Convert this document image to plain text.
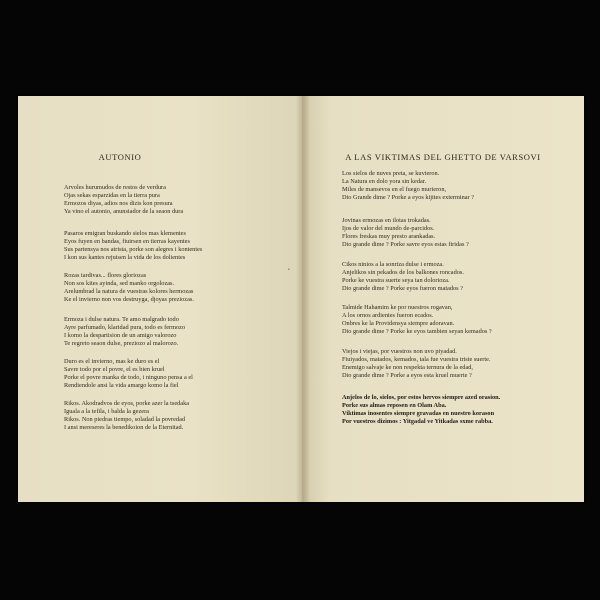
AUTONIO
Arvoles hurumudos de restos de verdura
Ojas sekas esparzidas en la tierra pura
Ermozos diyas, adios nos dizis kon presura
Ya vino el autonio, anunsiador de la seaon dura
Pasaros emigran buskando sielos mas klementes
Eyos fuyen en bandas, fiuirsen en tierras kayentes
Sus partensya nos atrista, porke son alegres i kontentes
I kon sus kantes rejuisen la vida de los dolientes
Rozas tardivas... flores gloriozas
Non sos kites ayinda, sed manko orgolozas.
Arelumbrad la natura de vuestras kolores hermozas
Ke el invierno non vos destruyga, djoyas preziozas.
Ermoza i dulse natura. Te amo malgrado todo
Ayre parfumado, klaridad pura, todo es fermozo
I komo la despartision de un amigo valorozo
Te regreto seaon dulse, preziozo al malorozo.
Duro es el invierno, mas ke duro es el
Savre todo por el povre, el es bien kruel
Porke el povre manka de todo, i ninguno pensa a el
Rendiendole ansi la vida amargo komo la fiel
Rikos. Akodradvos de eyos, porke azer la tsedaka
Iguala a la tefila, i balda la gezera
Rikos. Non piedras tiempo, soladad la povredad
I ansi mereseres la benedikoion de la Eternitad.
A LAS VIKTIMAS DEL GHETTO DE VARSOVI
Los sielos de nuves preta, se kuvieron.
La Natura en dolo yora sin kedar.
Miles de mansevos en el fuego murieron,
Dio Grande dime ? Porke a eyos kijites exterminar ?
Jovinas ermozas en ilotas trokadas.
Ijos de valor del mundo de-parcidos.
Flores freskas muy presto arankadas.
Dio grande dime ? Porke savre eyos estas firidas ?
Cikos ninios a la sonriza dulse i ermoza.
Anjelikos sin pekados de los balkones roncados.
Porke ke vuestra suerte seya tan dolorioza.
Dio grande dime ? Porke eyos fueron matados ?
Talmide Hahamim ke por nuestros rogavan,
A los ornos ardientes fueron ecados.
Onbres ke la Providensya siempre adoravan.
Dio grande dime ? Porke ke eyos tambien seyan kemados ?
Viejos i viejas, por vuestros non uvo piyadad.
Fiuiyados, matados, kemados, tala fue vuestra triste suerte.
Enemigo salvaje ke non respekta ternura de la edad,
Dio grande dime ? Porke a eyos esta kruel muerte ?
Anjelos de lo, sielos, por estos hervos siempre azed orasion.
Porke sus almas reposen en Olam Aba.
Viktimas inosentes siempre gravadas en nuestro korason
Por vuestros dizimos : Yitgadal ve Yitkadas sxme rabba.
•
